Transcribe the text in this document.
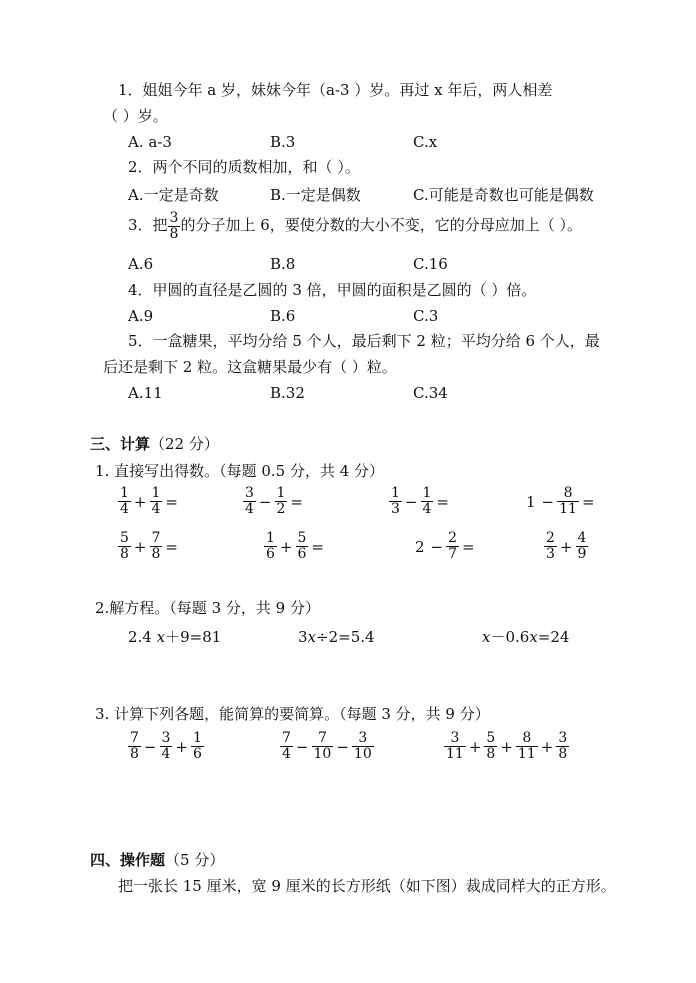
1．姐姐今年 a 岁，妹妹今年（a-3 ）岁。再过 x 年后，两人相差
（ ）岁。
A. a-3	B.3	C.x
2．两个不同的质数相加，和（ ）。
A.一定是奇数	B.一定是偶数	C.可能是奇数也可能是偶数
3．把 $\frac{3}{8}$ 的分子加上 6，要使分数的大小不变，它的分母应加上（ ）。
A.6	B.8	C.16
4．甲圆的直径是乙圆的 3 倍，甲圆的面积是乙圆的（ ）倍。
A.9	B.6	C.3
5．一盒糖果，平均分给 5 个人，最后剩下 2 粒；平均分给 6 个人，最
后还是剩下 2 粒。这盒糖果最少有（ ）粒。
A.11	B.32	C.34
三、计算（22 分）
1. 直接写出得数。（每题 0.5 分，共 4 分）
$\frac{1}{4} + \frac{1}{4}$ =	$\frac{3}{4} - \frac{1}{2}$ =	$\frac{1}{3} - \frac{1}{4}$ =	$1 - \frac{8}{11}$ =
$\frac{5}{8} + \frac{7}{8}$ =	$\frac{1}{6} + \frac{5}{6}$ =	$2 - \frac{2}{7}$ =	$\frac{2}{3} + \frac{4}{9}$
2.解方程。（每题 3 分，共 9 分）
2.4 x＋9=81	3x÷2=5.4	x－0.6x=24
3. 计算下列各题，能简算的要简算。（每题 3 分，共 9 分）
$\frac{7}{8} - \frac{3}{4} + \frac{1}{6}$	$\frac{7}{4} - \frac{7}{10} - \frac{3}{10}$	$\frac{3}{11} + \frac{5}{8} + \frac{8}{11} + \frac{3}{8}$
四、操作题（5 分）
把一张长 15 厘米，宽 9 厘米的长方形纸（如下图）裁成同样大的正方形。
